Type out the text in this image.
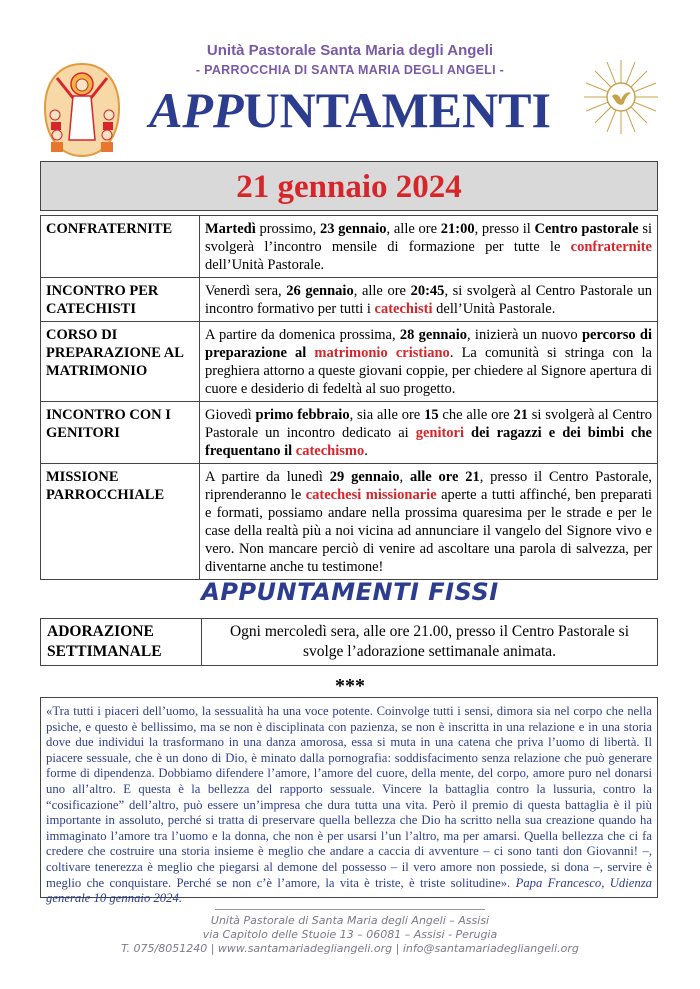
Unità Pastorale Santa Maria degli Angeli
- PARROCCHIA DI SANTA MARIA DEGLI ANGELI -
APPUNTAMENTI
21 gennaio 2024
CONFRATERNITE	Martedì prossimo, 23 gennaio, alle ore 21:00, presso il Centro pastorale si svolgerà l’incontro mensile di formazione per tutte le confraternite dell’Unità Pastorale.
INCONTRO PER CATECHISTI	Venerdì sera, 26 gennaio, alle ore 20:45, si svolgerà al Centro Pastorale un incontro formativo per tutti i catechisti dell’Unità Pastorale.
CORSO DI PREPARAZIONE AL MATRIMONIO	A partire da domenica prossima, 28 gennaio, inizierà un nuovo percorso di preparazione al matrimonio cristiano. La comunità si stringa con la preghiera attorno a queste giovani coppie, per chiedere al Signore apertura di cuore e desiderio di fedeltà al suo progetto.
INCONTRO CON I GENITORI	Giovedì primo febbraio, sia alle ore 15 che alle ore 21 si svolgerà al Centro Pastorale un incontro dedicato ai genitori dei ragazzi e dei bimbi che frequentano il catechismo.
MISSIONE PARROCCHIALE	A partire da lunedì 29 gennaio, alle ore 21, presso il Centro Pastorale, riprenderanno le catechesi missionarie aperte a tutti affinché, ben preparati e formati, possiamo andare nella prossima quaresima per le strade e per le case della realtà più a noi vicina ad annunciare il vangelo del Signore vivo e vero. Non mancare perciò di venire ad ascoltare una parola di salvezza, per diventarne anche tu testimone!
APPUNTAMENTI FISSI
ADORAZIONE SETTIMANALE	Ogni mercoledì sera, alle ore 21.00, presso il Centro Pastorale si svolge l’adorazione settimanale animata.
***
«Tra tutti i piaceri dell’uomo, la sessualità ha una voce potente. Coinvolge tutti i sensi, dimora sia nel corpo che nella psiche, e questo è bellissimo, ma se non è disciplinata con pazienza, se non è inscritta in una relazione e in una storia dove due individui la trasformano in una danza amorosa, essa si muta in una catena che priva l’uomo di libertà. Il piacere sessuale, che è un dono di Dio, è minato dalla pornografia: soddisfacimento senza relazione che può generare forme di dipendenza. Dobbiamo difendere l’amore, l’amore del cuore, della mente, del corpo, amore puro nel donarsi uno all’altro. E questa è la bellezza del rapporto sessuale. Vincere la battaglia contro la lussuria, contro la “cosificazione” dell’altro, può essere un’impresa che dura tutta una vita. Però il premio di questa battaglia è il più importante in assoluto, perché si tratta di preservare quella bellezza che Dio ha scritto nella sua creazione quando ha immaginato l’amore tra l’uomo e la donna, che non è per usarsi l’un l’altro, ma per amarsi. Quella bellezza che ci fa credere che costruire una storia insieme è meglio che andare a caccia di avventure – ci sono tanti don Giovanni! –, coltivare tenerezza è meglio che piegarsi al demone del possesso – il vero amore non possiede, si dona –, servire è meglio che conquistare. Perché se non c’è l’amore, la vita è triste, è triste solitudine». Papa Francesco, Udienza generale 10 gennaio 2024.
Unità Pastorale di Santa Maria degli Angeli – Assisi
via Capitolo delle Stuoie 13 – 06081 – Assisi - Perugia
T. 075/8051240 | www.santamariadegliangeli.org | info@santamariadegliangeli.org
